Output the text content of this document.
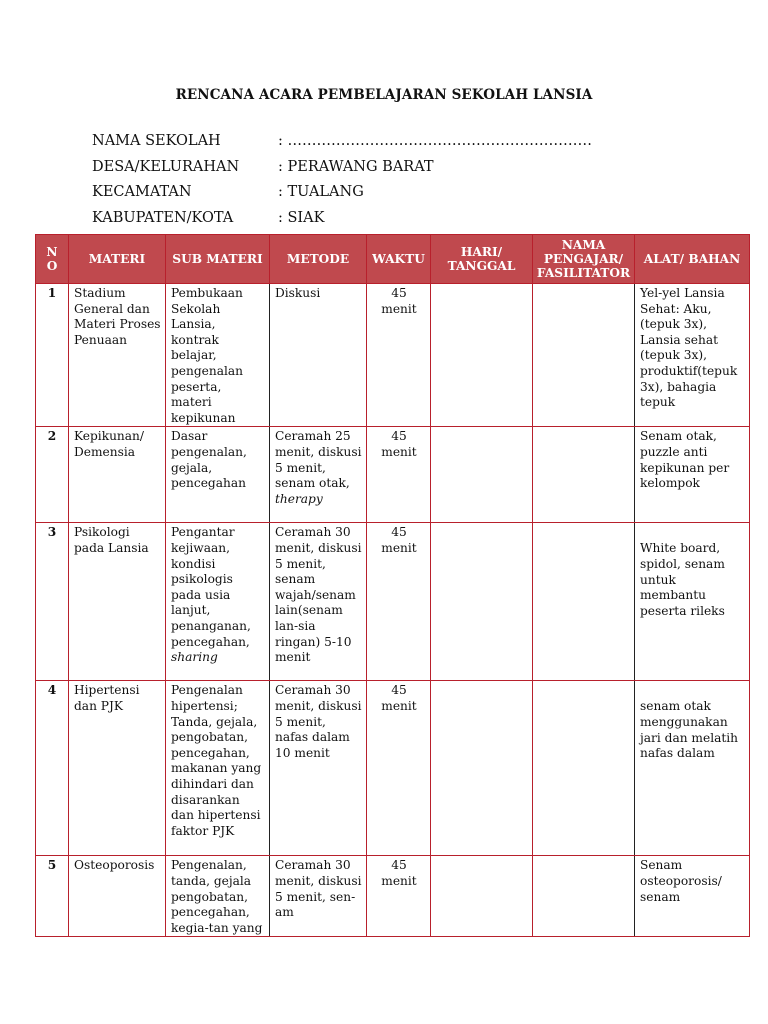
RENCANA ACARA PEMBELAJARAN SEKOLAH LANSIA
NAMA SEKOLAH	: ………………………………………………………
DESA/KELURAHAN	: PERAWANG BARAT
KECAMATAN	: TUALANG
KABUPATEN/KOTA	: SIAK
N O	MATERI	SUB MATERI	METODE	WAKTU	HARI/ TANGGAL	NAMA PENGAJAR/ FASILITATOR	ALAT/ BAHAN
1	Stadium General dan Materi Proses Penuaan	Pembukaan Sekolah Lansia, kontrak belajar, pengenalan peserta, materi kepikunan	Diskusi	45 menit			Yel-yel Lansia Sehat: Aku, (tepuk 3x), Lansia sehat (tepuk 3x), produktif(tepuk 3x), bahagia tepuk
2	Kepikunan/ Demensia	Dasar pengenalan, gejala, pencegahan	Ceramah 25 menit, diskusi 5 menit, senam otak, therapy	45 menit			Senam otak, puzzle anti kepikunan per kelompok
3	Psikologi pada Lansia	Pengantar kejiwaan, kondisi psikologis pada usia lanjut, penanganan, pencegahan, sharing	Ceramah 30 menit, diskusi 5 menit, senam wajah/senam lain(senam lan-sia ringan) 5-10 menit	45 menit			White board, spidol, senam untuk membantu peserta rileks
4	Hipertensi dan PJK	Pengenalan hipertensi; Tanda, gejala, pengobatan, pencegahan, makanan yang dihindari dan disarankan dan hipertensi faktor PJK	Ceramah 30 menit, diskusi 5 menit, nafas dalam 10 menit	45 menit			senam otak menggunakan jari dan melatih nafas dalam
5	Osteoporosis	Pengenalan, tanda, gejala pengobatan, pencegahan, kegia-tan yang	Ceramah 30 menit, diskusi 5 menit, sen-am	45 menit			Senam osteoporosis/ senam
